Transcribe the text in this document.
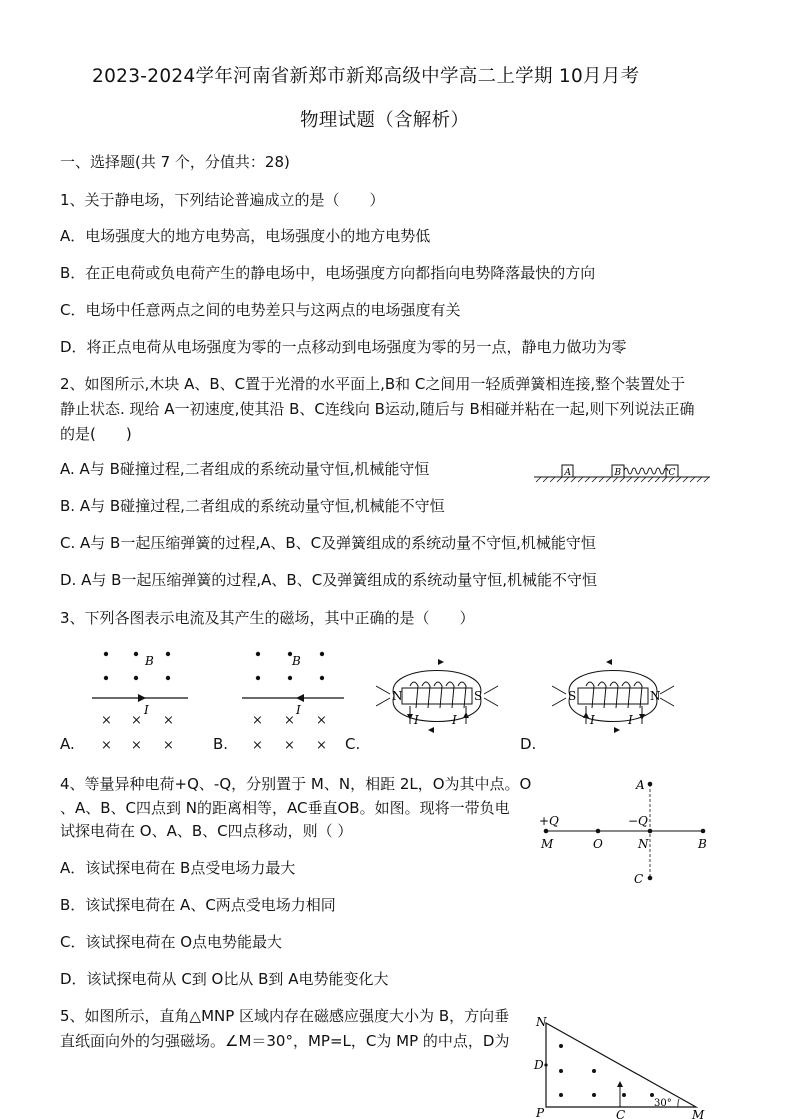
2023-2024学年河南省新郑市新郑高级中学高二上学期 10月月考
物理试题（含解析）
一、选择题(共 7 个，分值共：28)
1、关于静电场，下列结论普遍成立的是（　　）
A．电场强度大的地方电势高，电场强度小的地方电势低
B．在正电荷或负电荷产生的静电场中，电场强度方向都指向电势降落最快的方向
C．电场中任意两点之间的电势差只与这两点的电场强度有关
D．将正点电荷从电场强度为零的一点移动到电场强度为零的另一点，静电力做功为零
2、如图所示,木块 A、B、C置于光滑的水平面上,B和 C之间用一轻质弹簧相连接,整个装置处于
静止状态. 现给 A一初速度,使其沿 B、C连线向 B运动,随后与 B相碰并粘在一起,则下列说法正确
的是(　　)
A. A与 B碰撞过程,二者组成的系统动量守恒,机械能守恒
B. A与 B碰撞过程,二者组成的系统动量守恒,机械能不守恒
C. A与 B一起压缩弹簧的过程,A、B、C及弹簧组成的系统动量不守恒,机械能守恒
D. A与 B一起压缩弹簧的过程,A、B、C及弹簧组成的系统动量守恒,机械能不守恒
A	B	C
3、下列各图表示电流及其产生的磁场，其中正确的是（　　）
B
I
× × ×
× × ×
A.
B
I
× × ×
× × ×
B.
I	I
N	S
C.
I	I
S	N
D.
4、等量异种电荷+Q、-Q，分别置于 M、N，相距 2L，O为其中点。O
、A、B、C四点到 N的距离相等，AC垂直OB。如图。现将一带负电
试探电荷在 O、A、B、C四点移动，则（ ）
A．该试探电荷在 B点受电场力最大
B．该试探电荷在 A、C两点受电场力相同
C．该试探电荷在 O点电势能最大
D．该试探电荷从 C到 O比从 B到 A电势能变化大
+Q	−Q
M	O	N	B
A
C
5、如图所示，直角△MNP 区域内存在磁感应强度大小为 B，方向垂
直纸面向外的匀强磁场。∠M＝30°，MP=L，C为 MP 的中点，D为
N
D
P	C	M
30°
